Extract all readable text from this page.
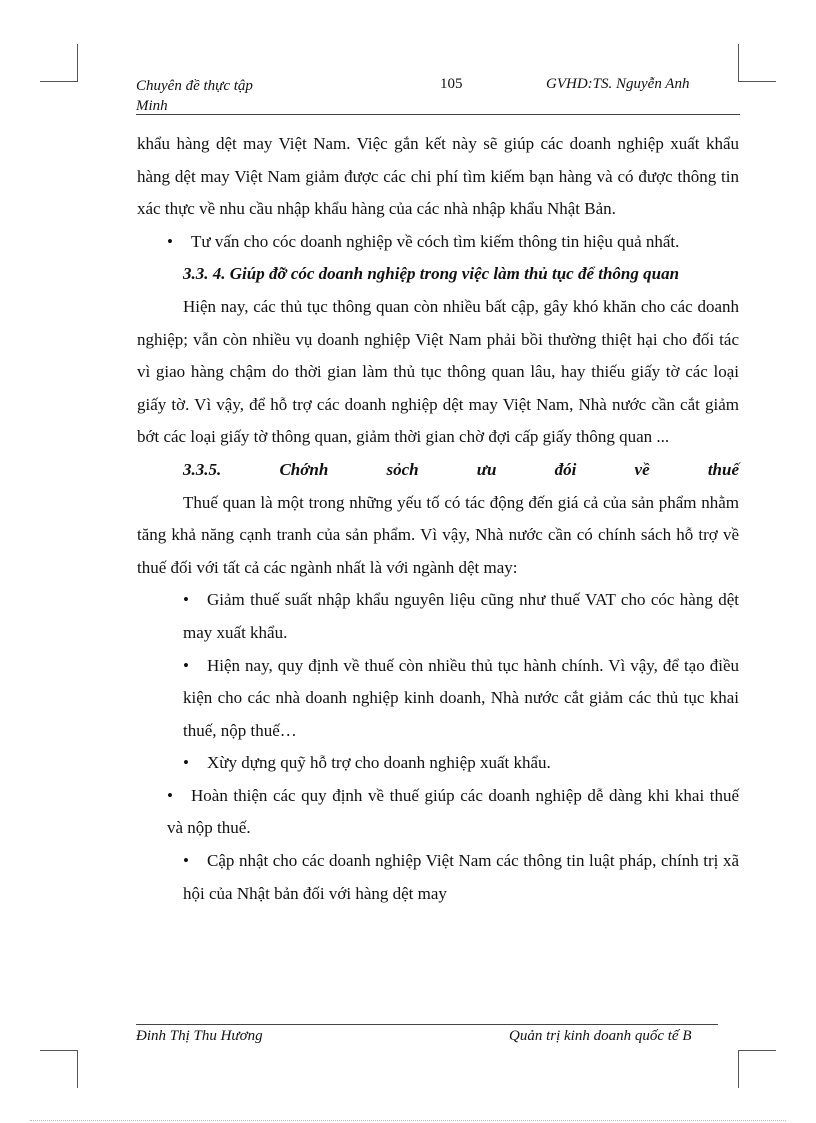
Chuyên đề thực tập Minh
105	GVHD:TS. Nguyễn Anh

khẩu hàng dệt may Việt Nam. Việc gắn kết này sẽ giúp các doanh nghiệp xuất khẩu hàng dệt may Việt Nam giảm được các chi phí tìm kiếm bạn hàng và có được thông tin xác thực về nhu cầu nhập khẩu hàng của các nhà nhập khẩu Nhật Bản.

• Tư vấn cho cóc doanh nghiệp về cóch tìm kiếm thông tin hiệu quả nhất.

3.3. 4. Giúp đỡ cóc doanh nghiệp trong việc làm thủ tục để thông quan

Hiện nay, các thủ tục thông quan còn nhiều bất cập, gây khó khăn cho các doanh nghiệp; vẫn còn nhiều vụ doanh nghiệp Việt Nam phải bồi thường thiệt hại cho đối tác vì giao hàng chậm do thời gian làm thủ tục thông quan lâu, hay thiếu giấy tờ các loại giấy tờ. Vì vậy, để hỗ trợ các doanh nghiệp dệt may Việt Nam, Nhà nước cần cắt giảm bớt các loại giấy tờ thông quan, giảm thời gian chờ đợi cấp giấy thông quan ...

3.3.5. Chớnh sỏch ưu đói về thuế

Thuế quan là một trong những yếu tố có tác động đến giá cả của sản phẩm nhằm tăng khả năng cạnh tranh của sản phẩm. Vì vậy, Nhà nước cần có chính sách hỗ trợ về thuế đối với tất cả các ngành nhất là với ngành dệt may:

• Giảm thuế suất nhập khẩu nguyên liệu cũng như thuế VAT cho cóc hàng dệt may xuất khẩu.

• Hiện nay, quy định về thuế còn nhiều thủ tục hành chính. Vì vậy, để tạo điều kiện cho các nhà doanh nghiệp kinh doanh, Nhà nước cắt giảm các thủ tục khai thuế, nộp thuế…

• Xừy dựng quỹ hỗ trợ cho doanh nghiệp xuất khẩu.

• Hoàn thiện các quy định về thuế giúp các doanh nghiệp dễ dàng khi khai thuế và nộp thuế.

• Cập nhật cho các doanh nghiệp Việt Nam các thông tin luật pháp, chính trị xã hội của Nhật bản đối với hàng dệt may

Đinh Thị Thu Hương	Quản trị kinh doanh quốc tế B
